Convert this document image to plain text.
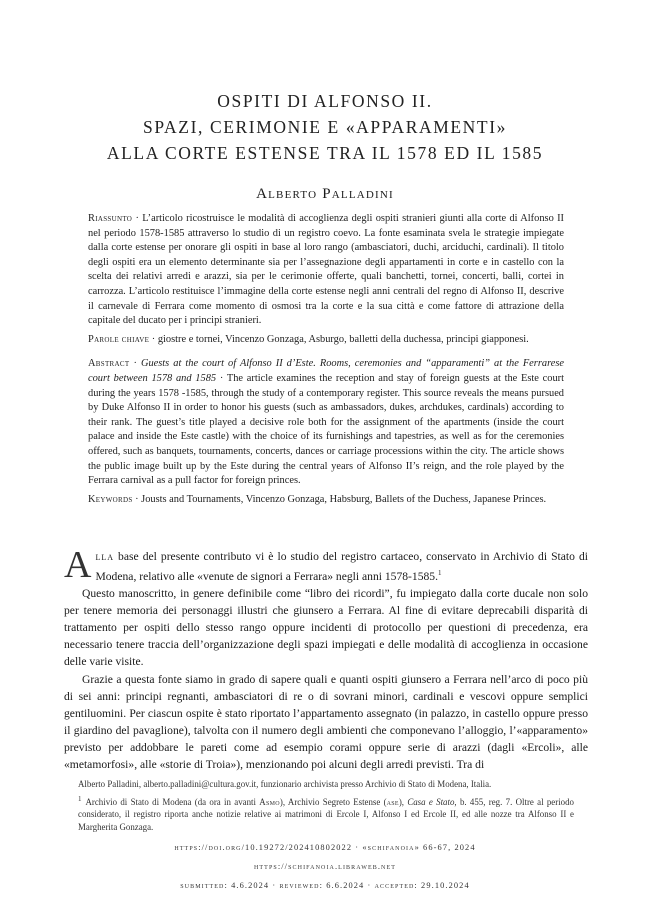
OSPITI DI ALFONSO II.
SPAZI, CERIMONIE E «APPARAMENTI»
ALLA CORTE ESTENSE TRA IL 1578 ED IL 1585
Alberto Palladini

Riassunto · L’articolo ricostruisce le modalità di accoglienza degli ospiti stranieri giunti alla corte di Alfonso II nel periodo 1578-1585 attraverso lo studio di un registro coevo. La fonte esaminata svela le strategie impiegate dalla corte estense per onorare gli ospiti in base al loro rango (ambasciatori, duchi, arciduchi, cardinali). Il titolo degli ospiti era un elemento determinante sia per l’assegnazione degli appartamenti in corte e in castello con la scelta dei relativi arredi e arazzi, sia per le cerimonie offerte, quali banchetti, tornei, concerti, balli, cortei in carrozza. L’articolo restituisce l’immagine della corte estense negli anni centrali del regno di Alfonso II, descrive il carnevale di Ferrara come momento di osmosi tra la corte e la sua città e come fattore di attrazione della capitale del ducato per i principi stranieri.

Parole chiave · giostre e tornei, Vincenzo Gonzaga, Asburgo, balletti della duchessa, principi giapponesi.

Abstract · Guests at the court of Alfonso II d’Este. Rooms, ceremonies and “apparamenti” at the Ferrarese court between 1578 and 1585 · The article examines the reception and stay of foreign guests at the Este court during the years 1578 -1585, through the study of a contemporary register. This source reveals the means pursued by Duke Alfonso II in order to honor his guests (such as ambassadors, dukes, archdukes, cardinals) according to their rank. The guest’s title played a decisive role both for the assignment of the apartments (inside the court palace and inside the Este castle) with the choice of its furnishings and tapestries, as well as for the ceremonies offered, such as banquets, tournaments, concerts, dances or carriage processions within the city. The article shows the public image built up by the Este during the central years of Alfonso II’s reign, and the role played by the Ferrara carnival as a pull factor for foreign princes.

Keywords · Jousts and Tournaments, Vincenzo Gonzaga, Habsburg, Ballets of the Duchess, Japanese Princes.

Alla base del presente contributo vi è lo studio del registro cartaceo, conservato in Archivio di Stato di Modena, relativo alle «venute de signori a Ferrara» negli anni 1578-1585.$^1$

Questo manoscritto, in genere definibile come “libro dei ricordi”, fu impiegato dalla corte ducale non solo per tenere memoria dei personaggi illustri che giunsero a Ferrara. Al fine di evitare deprecabili disparità di trattamento per ospiti dello stesso rango oppure incidenti di protocollo per questioni di precedenza, era necessario tenere traccia dell’organizzazione degli spazi impiegati e delle modalità di accoglienza in occasione delle varie visite.

Grazie a questa fonte siamo in grado di sapere quali e quanti ospiti giunsero a Ferrara nell’arco di poco più di sei anni: principi regnanti, ambasciatori di re o di sovrani minori, cardinali e vescovi oppure semplici gentiluomini. Per ciascun ospite è stato riportato l’appartamento assegnato (in palazzo, in castello oppure presso il giardino del pavaglione), talvolta con il numero degli ambienti che componevano l’alloggio, l’«apparamento» previsto per addobbare le pareti come ad esempio corami oppure serie di arazzi (dagli «Ercoli», alle «metamorfosi», alle «storie di Troia»), menzionando poi alcuni degli arredi previsti. Tra di

Alberto Palladini, alberto.palladini@cultura.gov.it, funzionario archivista presso Archivio di Stato di Modena, Italia.

$^1$ Archivio di Stato di Modena (da ora in avanti Asmo), Archivio Segreto Estense (ase), Casa e Stato, b. 455, reg. 7. Oltre al periodo considerato, il registro riporta anche notizie relative ai matrimoni di Ercole I, Alfonso I ed Ercole II, ed alle nozze tra Alfonso II e Margherita Gonzaga.

https://doi.org/10.19272/202410802022 · «schifanoia» 66-67, 2024
https://schifanoia.libraweb.net
submitted: 4.6.2024 · reviewed: 6.6.2024 · accepted: 29.10.2024
